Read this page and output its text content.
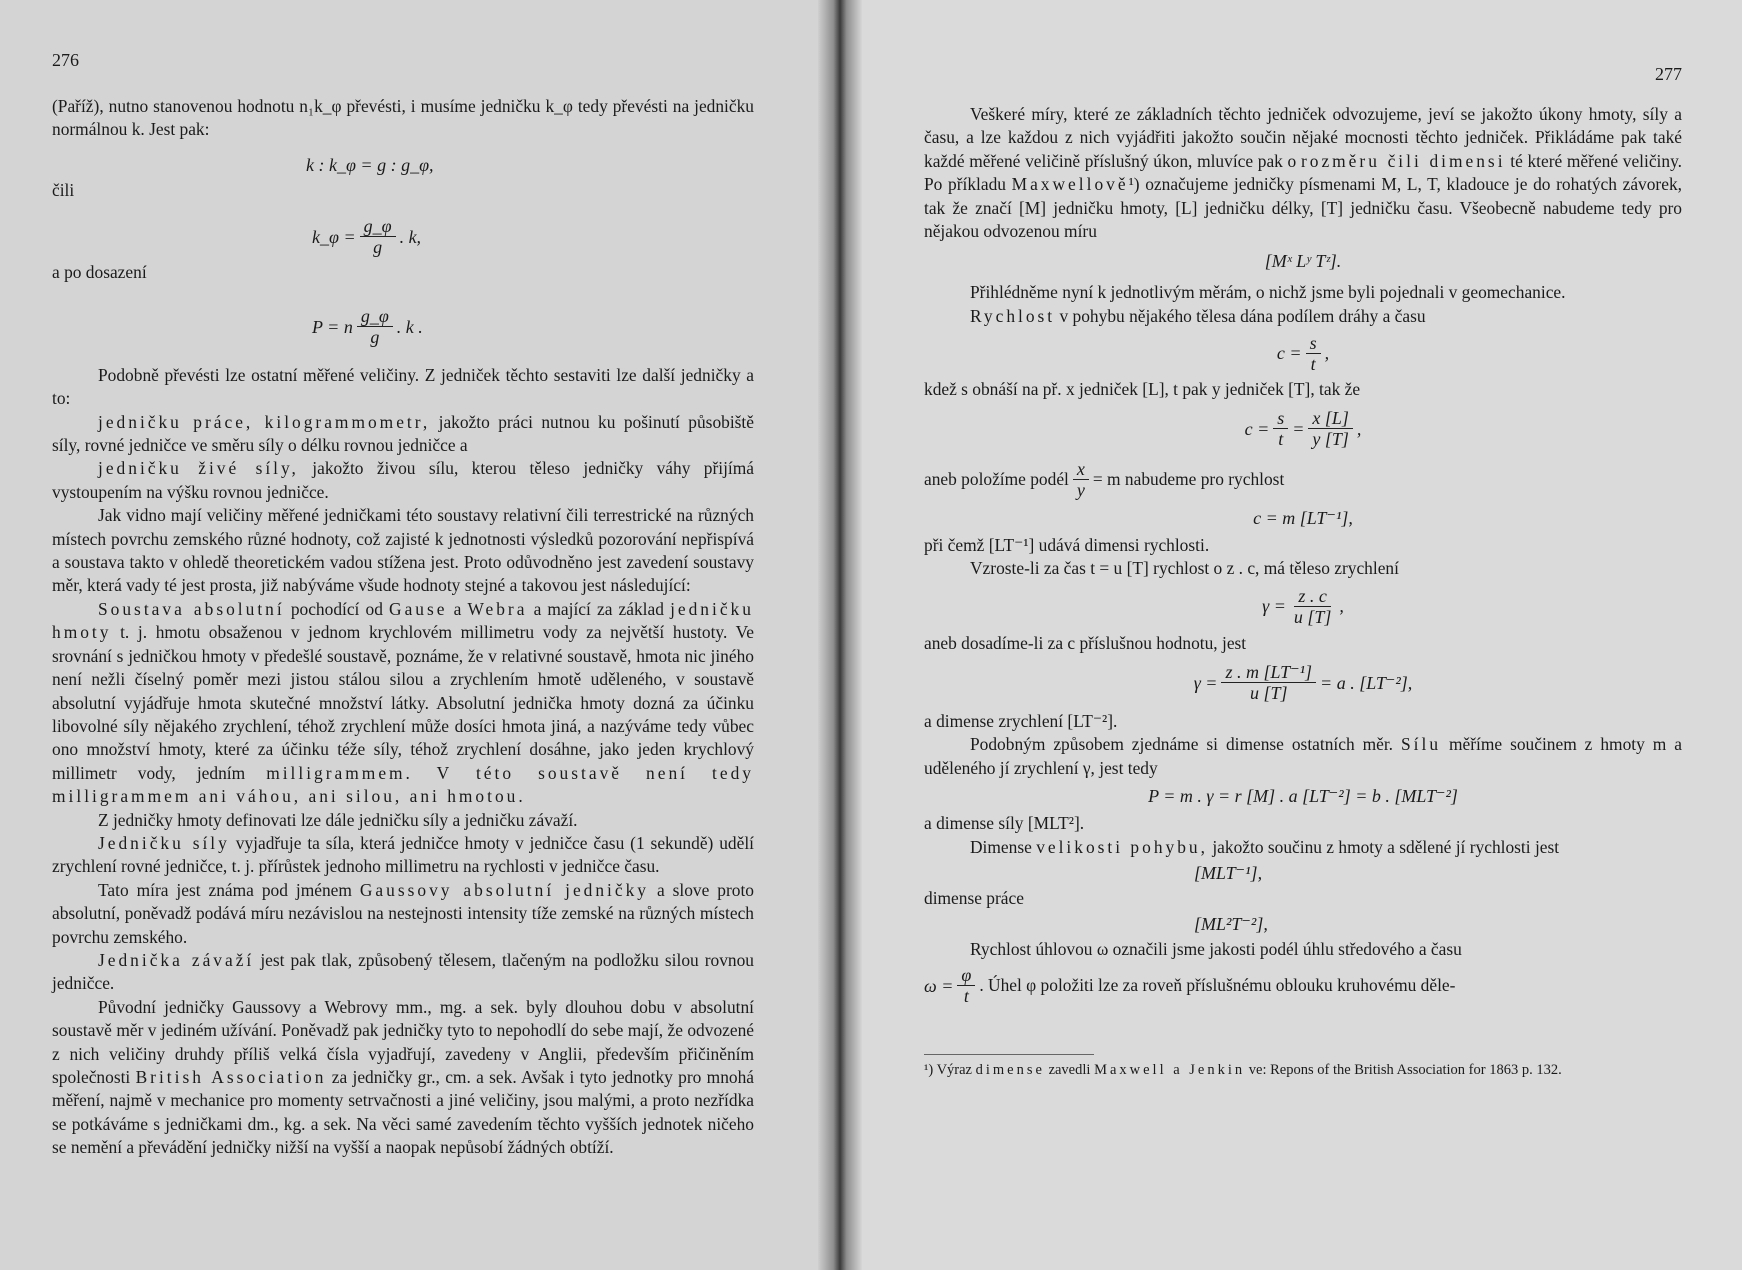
276

(Paříž), nutno stanovenou hodnotu n₁k_φ převésti, i musíme jedničku k_φ tedy převésti na jedničku normálnou k. Jest pak:

k : k_φ = g : g_φ,
čili
k_φ = $\frac{g\_\varphi}{g}$ . k,
a po dosazení
P = n $\frac{g\_\varphi}{g}$ . k .

Podobně převésti lze ostatní měřené veličiny. Z jedniček těchto sestaviti lze další jedničky a to:

jedničku práce, kilogrammometr, jakožto práci nutnou ku pošinutí působiště síly, rovné jedničce ve směru síly o délku rovnou jedničce a

jedničku živé síly, jakožto živou sílu, kterou těleso jedničky váhy přijímá vystoupením na výšku rovnou jedničce.

Jak vidno mají veličiny měřené jedničkami této soustavy relativní čili terrestrické na různých místech povrchu zemského různé hodnoty, což zajisté k jednotnosti výsledků pozorování nepřispívá a soustava takto v ohledě theoretickém vadou stížena jest. Proto odůvodněno jest zavedení soustavy měr, která vady té jest prosta, již nabýváme všude hodnoty stejné a takovou jest následující:

Soustava absolutní pochodící od Gause a Webra a mající za základ jedničku hmoty t. j. hmotu obsaženou v jednom krychlovém millimetru vody za největší hustoty. Ve srovnání s jedničkou hmoty v předešlé soustavě, poznáme, že v relativné soustavě, hmota nic jiného není nežli číselný poměr mezi jistou stálou silou a zrychlením hmotě uděleného, v soustavě absolutní vyjádřuje hmota skutečné množství látky. Absolutní jednička hmoty dozná za účinku libovolné síly nějakého zrychlení, téhož zrychlení může dosíci hmota jiná, a nazýváme tedy vůbec ono množství hmoty, které za účinku téže síly, téhož zrychlení dosáhne, jako jeden krychlový millimetr vody, jedním milligrammem. V této soustavě není tedy milligrammem ani váhou, ani silou, ani hmotou.

Z jedničky hmoty definovati lze dále jedničku síly a jedničku závaží.

Jedničku síly vyjadřuje ta síla, která jedničce hmoty v jedničce času (1 sekundě) udělí zrychlení rovné jedničce, t. j. přírůstek jednoho millimetru na rychlosti v jedničce času.

Tato míra jest známa pod jménem Gaussovy absolutní jedničky a slove proto absolutní, poněvadž podává míru nezávislou na nestejnosti intensity tíže zemské na různých místech povrchu zemského.

Jednička závaží jest pak tlak, způsobený tělesem, tlačeným na podložku silou rovnou jedničce.

Původní jedničky Gaussovy a Webrovy mm., mg. a sek. byly dlouhou dobu v absolutní soustavě měr v jediném užívání. Poněvadž pak jedničky tyto to nepohodlí do sebe mají, že odvozené z nich veličiny druhdy příliš velká čísla vyjadřují, zavedeny v Anglii, především přičiněním společnosti British Association za jedničky gr., cm. a sek. Avšak i tyto jednotky pro mnohá měření, najmě v mechanice pro momenty setrvačnosti a jiné veličiny, jsou malými, a proto nezřídka se potkáváme s jedničkami dm., kg. a sek. Na věci samé zavedením těchto vyšších jednotek ničeho se nemění a převádění jedničky nižší na vyšší a naopak nepůsobí žádných obtíží.

277

Veškeré míry, které ze základních těchto jedniček odvozujeme, jeví se jakožto úkony hmoty, síly a času, a lze každou z nich vyjádřiti jakožto součin nějaké mocnosti těchto jedniček. Přikládáme pak také každé měřené veličině příslušný úkon, mluvíce pak o rozměru čili dimensi té které měřené veličiny. Po příkladu Maxwellově¹) označujeme jedničky písmenami M, L, T, kladouce je do rohatých závorek, tak že značí [M] jedničku hmoty, [L] jedničku délky, [T] jedničku času. Všeobecně nabudeme tedy pro nějakou odvozenou míru

[Mˣ Lʸ Tᶻ].

Přihlédněme nyní k jednotlivým měrám, o nichž jsme byli pojednali v geomechanice.

Rychlost v pohybu nějakého tělesa dána podílem dráhy a času

$c = \frac{s}{t}$ ,

kdež s obnáší na př. x jedniček [L], t pak y jedniček [T], tak že

$c = \frac{s}{t} = \frac{x [L]}{y [T]}$ ,
aneb položíme podél $\frac{x}{y} = m$ nabudeme pro rychlost
c = m [LT⁻¹],

při čemž [LT⁻¹] udává dimensi rychlosti.

Vzroste-li za čas t = u [T] rychlost o z . c, má těleso zrychlení

$\gamma = \frac{z . c}{u [T]}$ ,

aneb dosadíme-li za c příslušnou hodnotu, jest

$\gamma = \frac{\text{z . m [LT⁻¹]}}{u [T]} = a$ . [LT⁻²],

a dimense zrychlení [LT⁻²].

Podobným způsobem zjednáme si dimense ostatních měr. Sílu měříme součinem z hmoty m a uděleného jí zrychlení γ, jest tedy

P = m . γ = r [M] . a [LT⁻²] = b . [MLT⁻²]

a dimense síly [MLT²].

Dimense velikosti pohybu, jakožto součinu z hmoty a sdělené jí rychlosti jest

[MLT⁻¹],

dimense práce

[ML²T⁻²],

Rychlost úhlovou ω označili jsme jakosti podél úhlu středového a času

$\omega = \frac{\varphi}{t}$ . Úhel φ položiti lze za roveň příslušnému oblouku kruhovému děle-
¹) Výraz dimense zavedli Maxwell a Jenkin ve: Repons of the British Association for 1863 p. 132.
